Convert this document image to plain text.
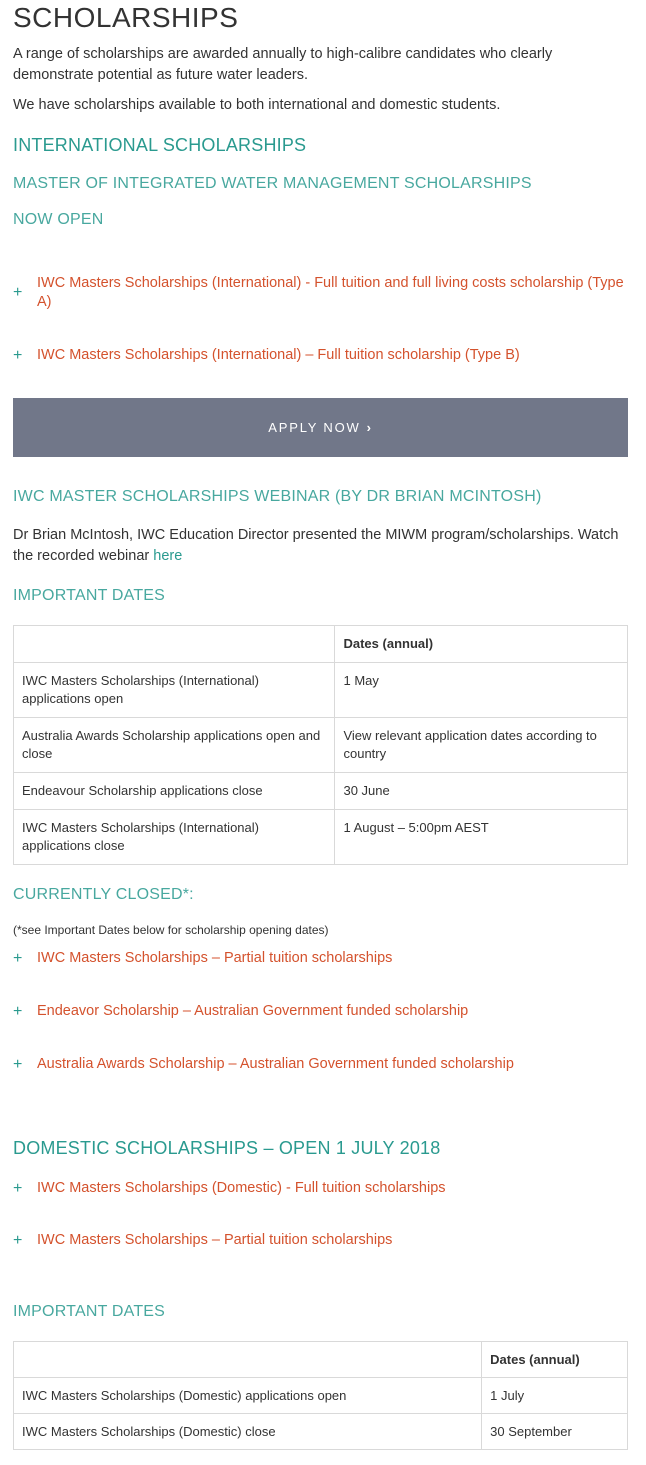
SCHOLARSHIPS

A range of scholarships are awarded annually to high-calibre candidates who clearly demonstrate potential as future water leaders.

We have scholarships available to both international and domestic students.

INTERNATIONAL SCHOLARSHIPS
MASTER OF INTEGRATED WATER MANAGEMENT SCHOLARSHIPS
NOW OPEN
+
IWC Masters Scholarships (International) - Full tuition and full living costs scholarship (Type A)
+	IWC Masters Scholarships (International) – Full tuition scholarship (Type B)
APPLY NOW ›
IWC MASTER SCHOLARSHIPS WEBINAR (BY DR BRIAN MCINTOSH)

Dr Brian McIntosh, IWC Education Director presented the MIWM program/scholarships. Watch the recorded webinar here

IMPORTANT DATES
	Dates (annual)
IWC Masters Scholarships (International) applications open	1 May
Australia Awards Scholarship applications open and close	View relevant application dates according to country
Endeavour Scholarship applications close	30 June
IWC Masters Scholarships (International) applications close	1 August – 5:00pm AEST
CURRENTLY CLOSED*:

(*see Important Dates below for scholarship opening dates)

+	IWC Masters Scholarships – Partial tuition scholarships
+	Endeavor Scholarship – Australian Government funded scholarship
+	Australia Awards Scholarship – Australian Government funded scholarship
DOMESTIC SCHOLARSHIPS – OPEN 1 JULY 2018
+	IWC Masters Scholarships (Domestic) - Full tuition scholarships
+	IWC Masters Scholarships – Partial tuition scholarships
IMPORTANT DATES
	Dates (annual)
IWC Masters Scholarships (Domestic) applications open	1 July
IWC Masters Scholarships (Domestic) close	30 September
